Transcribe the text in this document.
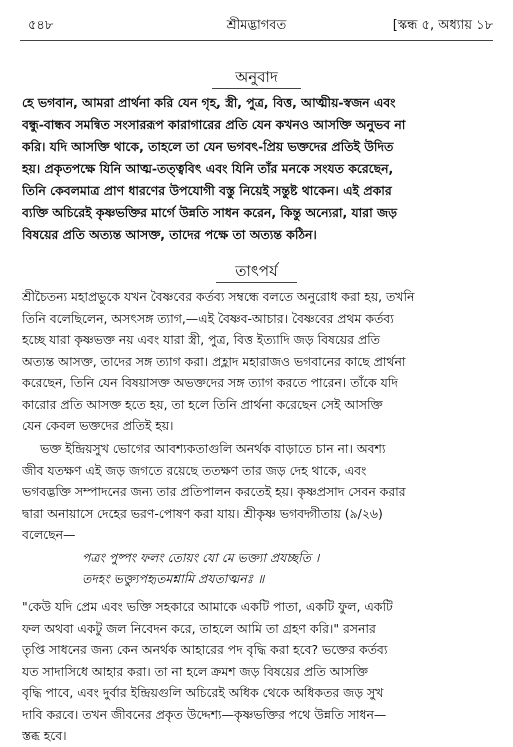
৫৪৮	শ্রীমদ্ভাগবত	[স্কন্ধ ৫, অধ্যায় ১৮
অনুবাদ
হে ভগবান, আমরা প্রার্থনা করি যেন গৃহ, স্ত্রী, পুত্র, বিত্ত, আত্মীয়-স্বজন এবং
বন্ধু-বান্ধব সমন্বিত সংসাররূপ কারাগারের প্রতি যেন কখনও আসক্তি অনুভব না
করি। যদি আসক্তি থাকে, তাহলে তা যেন ভগবৎ-প্রিয় ভক্তদের প্রতিই উদিত
হয়। প্রকৃতপক্ষে যিনি আত্ম-তত্ত্ববিৎ এবং যিনি তাঁর মনকে সংযত করেছেন,
তিনি কেবলমাত্র প্রাণ ধারণের উপযোগী বস্তু নিয়েই সন্তুষ্ট থাকেন। এই প্রকার
ব্যক্তি অচিরেই কৃষ্ণভক্তির মার্গে উন্নতি সাধন করেন, কিন্তু অন্যেরা, যারা জড়
বিষয়ের প্রতি অত্যন্ত আসক্ত, তাদের পক্ষে তা অত্যন্ত কঠিন।
তাৎপর্য
শ্রীচৈতন্য মহাপ্রভুকে যখন বৈষ্ণবের কর্তব্য সম্বন্ধে বলতে অনুরোধ করা হয়, তখনি
তিনি বলেছিলেন, অসৎসঙ্গ ত্যাগ,—এই বৈষ্ণব-আচার। বৈষ্ণবের প্রথম কর্তব্য
হচ্ছে যারা কৃষ্ণভক্ত নয় এবং যারা স্ত্রী, পুত্র, বিত্ত ইত্যাদি জড় বিষয়ের প্রতি
অত্যন্ত আসক্ত, তাদের সঙ্গ ত্যাগ করা। প্রহ্লাদ মহারাজও ভগবানের কাছে প্রার্থনা
করেছেন, তিনি যেন বিষয়াসক্ত অভক্তদের সঙ্গ ত্যাগ করতে পারেন। তাঁকে যদি
কারোর প্রতি আসক্ত হতে হয়, তা হলে তিনি প্রার্থনা করেছেন সেই আসক্তি
যেন কেবল ভক্তদের প্রতিই হয়।
ভক্ত ইন্দ্রিয়সুখ ভোগের আবশ্যকতাগুলি অনর্থক বাড়াতে চান না। অবশ্য
জীব যতক্ষণ এই জড় জগতে রয়েছে ততক্ষণ তার জড় দেহ থাকে, এবং
ভগবদ্ভক্তি সম্পাদনের জন্য তার প্রতিপালন করতেই হয়। কৃষ্ণপ্রসাদ সেবন করার
দ্বারা অনায়াসে দেহের ভরণ-পোষণ করা যায়। শ্রীকৃষ্ণ ভগবদ্গীতায় (৯/২৬)
বলেছেন—
পত্রং পুষ্পং ফলং তোয়ং যো মে ভক্ত্যা প্রযচ্ছতি ।
তদহং ভক্ত্যুপহৃতমশ্নামি প্রযতাত্মনঃ ॥
"কেউ যদি প্রেম এবং ভক্তি সহকারে আমাকে একটি পাতা, একটি ফুল, একটি
ফল অথবা একটু জল নিবেদন করে, তাহলে আমি তা গ্রহণ করি।" রসনার
তৃপ্তি সাধনের জন্য কেন অনর্থক আহারের পদ বৃদ্ধি করা হবে? ভক্তের কর্তব্য
যত সাদাসিধে আহার করা। তা না হলে ক্রমশ জড় বিষয়ের প্রতি আসক্তি
বৃদ্ধি পাবে, এবং দুর্বার ইন্দ্রিয়গুলি অচিরেই অধিক থেকে অধিকতর জড় সুখ
দাবি করবে। তখন জীবনের প্রকৃত উদ্দেশ্য—কৃষ্ণভক্তির পথে উন্নতি সাধন—
স্তব্ধ হবে।
